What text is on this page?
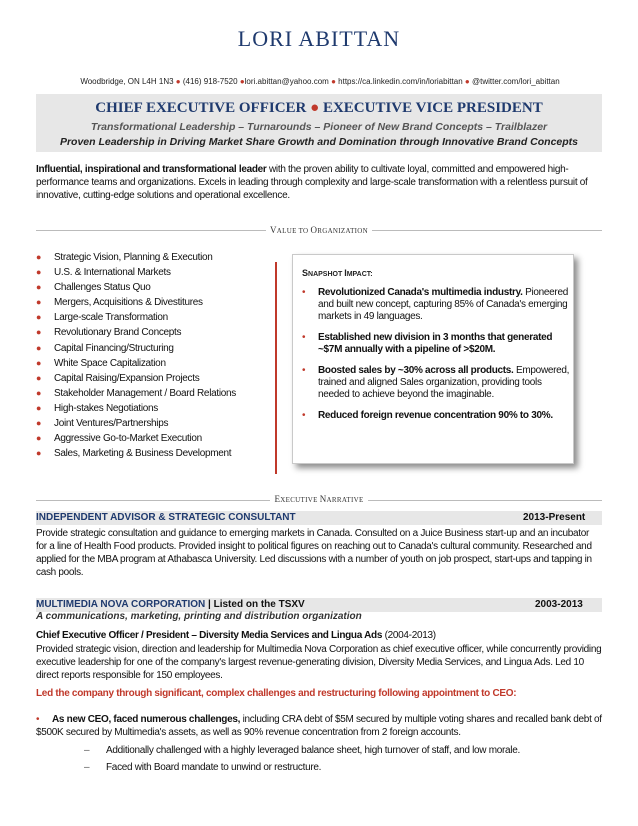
LORI ABITTAN
Woodbridge, ON L4H 1N3 ● (416) 918-7520 ●lori.abittan@yahoo.com ● https://ca.linkedin.com/in/loriabittan ● @twitter.com/lori_abittan
CHIEF EXECUTIVE OFFICER ● EXECUTIVE VICE PRESIDENT
Transformational Leadership – Turnarounds – Pioneer of New Brand Concepts – Trailblazer
Proven Leadership in Driving Market Share Growth and Domination through Innovative Brand Concepts
Influential, inspirational and transformational leader with the proven ability to cultivate loyal, committed and empowered high-performance teams and organizations. Excels in leading through complexity and large-scale transformation with a relentless pursuit of innovative, cutting-edge solutions and operational excellence.
VALUE TO ORGANIZATION
● Strategic Vision, Planning & Execution
● U.S. & International Markets
● Challenges Status Quo
● Mergers, Acquisitions & Divestitures
● Large-scale Transformation
● Revolutionary Brand Concepts
● Capital Financing/Structuring
● White Space Capitalization
● Capital Raising/Expansion Projects
● Stakeholder Management / Board Relations
● High-stakes Negotiations
● Joint Ventures/Partnerships
● Aggressive Go-to-Market Execution
● Sales, Marketing & Business Development
SNAPSHOT IMPACT:
• Revolutionized Canada's multimedia industry. Pioneered and built new concept, capturing 85% of Canada's emerging markets in 49 languages.
• Established new division in 3 months that generated ~$7M annually with a pipeline of >$20M.
• Boosted sales by ~30% across all products. Empowered, trained and aligned Sales organization, providing tools needed to achieve beyond the imaginable.
• Reduced foreign revenue concentration 90% to 30%.
EXECUTIVE NARRATIVE
INDEPENDENT ADVISOR & STRATEGIC CONSULTANT	2013-Present
Provide strategic consultation and guidance to emerging markets in Canada. Consulted on a Juice Business start-up and an incubator for a line of Health Food products. Provided insight to political figures on reaching out to Canada's cultural community. Researched and applied for the MBA program at Athabasca University. Led discussions with a number of youth on job prospect, start-ups and tapping in cash pools.
MULTIMEDIA NOVA CORPORATION | Listed on the TSXV	2003-2013
A communications, marketing, printing and distribution organization
Chief Executive Officer / President – Diversity Media Services and Lingua Ads (2004-2013)
Provided strategic vision, direction and leadership for Multimedia Nova Corporation as chief executive officer, while concurrently providing executive leadership for one of the company's largest revenue-generating division, Diversity Media Services, and Lingua Ads. Led 10 direct reports responsible for 150 employees.
Led the company through significant, complex challenges and restructuring following appointment to CEO:
• As new CEO, faced numerous challenges, including CRA debt of $5M secured by multiple voting shares and recalled bank debt of $500K secured by Multimedia's assets, as well as 90% revenue concentration from 2 foreign accounts.
– Additionally challenged with a highly leveraged balance sheet, high turnover of staff, and low morale.
– Faced with Board mandate to unwind or restructure.
